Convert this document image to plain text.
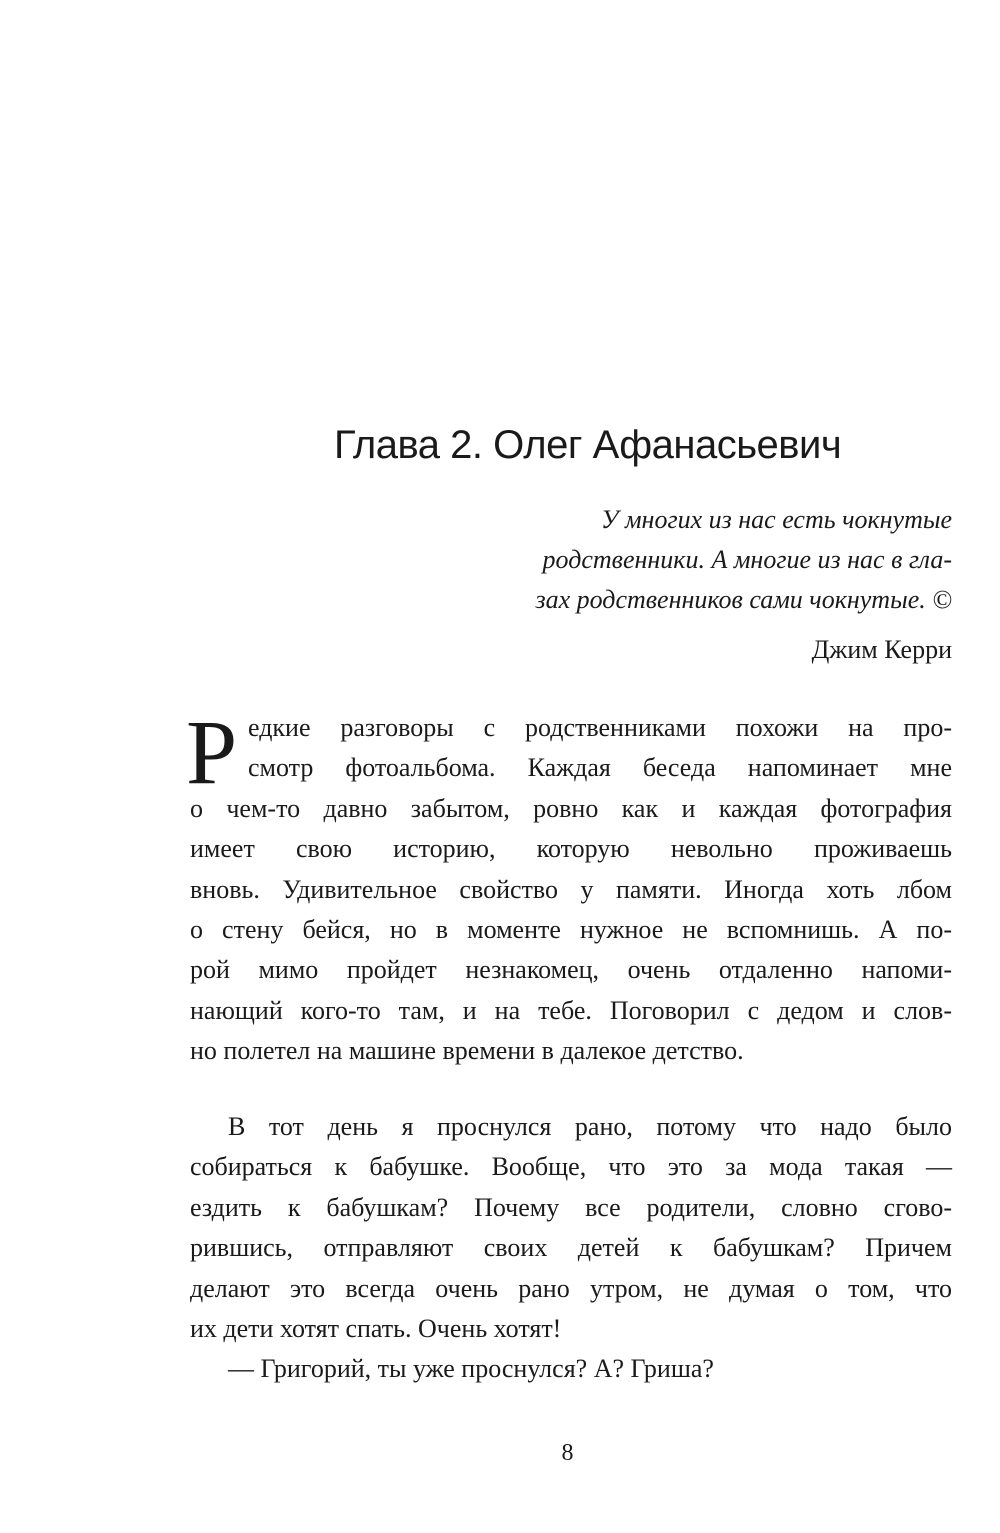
Глава 2. Олег Афанасьевич
У многих из нас есть чокнутые
родственники. А многие из нас в гла-
зах родственников сами чокнутые. ©
Джим Керри
Р едкие разговоры с родственниками похожи на про-
смотр фотоальбома. Каждая беседа напоминает мне
о чем-то давно забытом, ровно как и каждая фотография
имеет свою историю, которую невольно проживаешь
вновь. Удивительное свойство у памяти. Иногда хоть лбом
о стену бейся, но в моменте нужное не вспомнишь. А по-
рой мимо пройдет незнакомец, очень отдаленно напоми-
нающий кого-то там, и на тебе. Поговорил с дедом и слов-
но полетел на машине времени в далекое детство.
В тот день я проснулся рано, потому что надо было
собираться к бабушке. Вообще, что это за мода такая —
ездить к бабушкам? Почему все родители, словно сгово-
рившись, отправляют своих детей к бабушкам? Причем
делают это всегда очень рано утром, не думая о том, что
их дети хотят спать. Очень хотят!
— Григорий, ты уже проснулся? А? Гриша?
8
